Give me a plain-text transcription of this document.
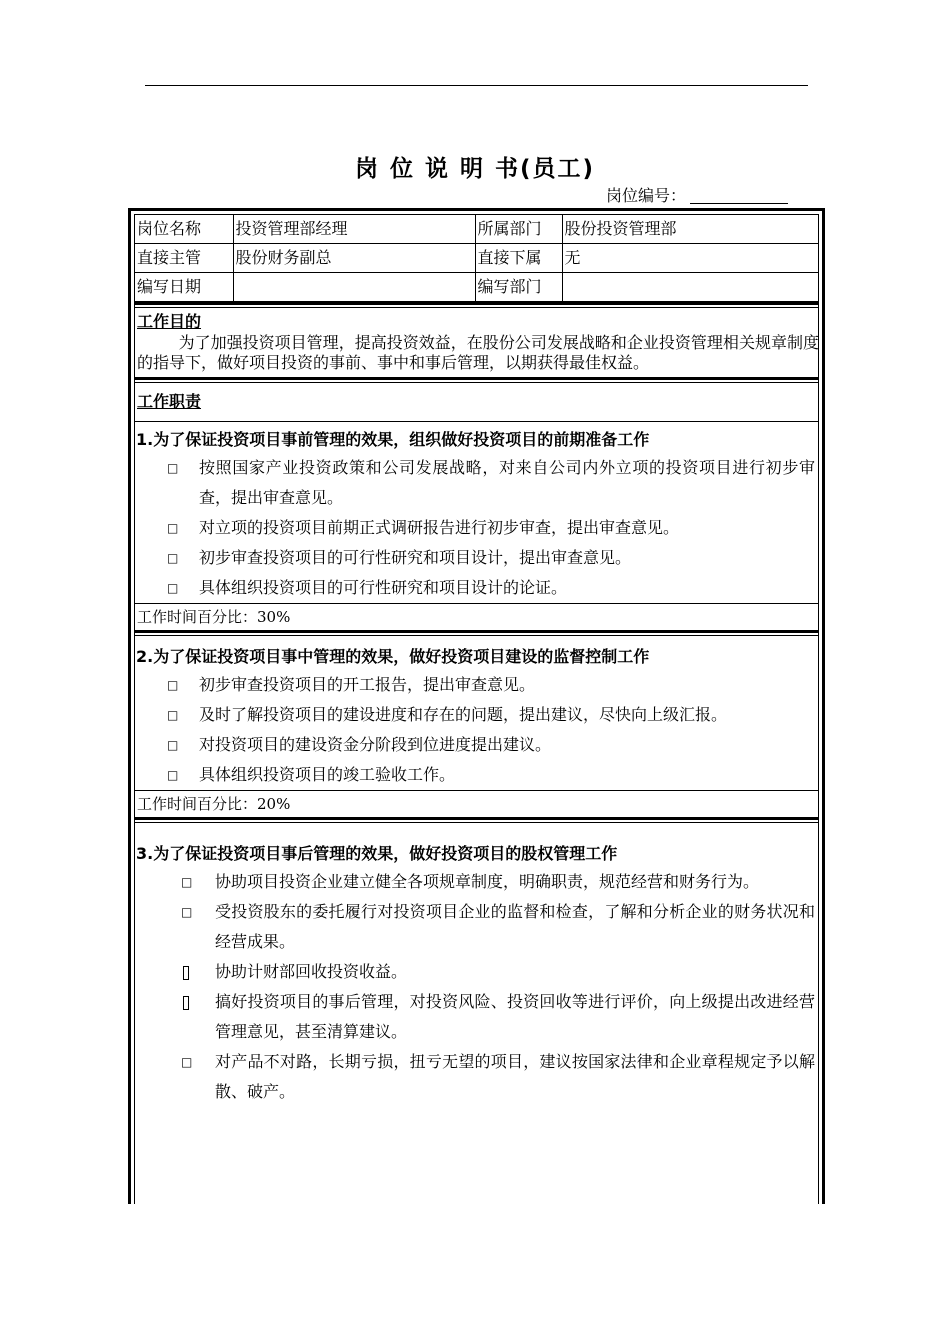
岗 位 说 明 书(员工)
岗位编号：
岗位名称	投资管理部经理	所属部门	股份投资管理部
直接主管	股份财务副总	直接下属	无
编写日期		编写部门	
工作目的

为了加强投资项目管理，提高投资效益，在股份公司发展战略和企业投资管理相关规章制度的指导下，做好项目投资的事前、事中和事后管理，以期获得最佳权益。

工作职责
1.为了保证投资项目事前管理的效果，组织做好投资项目的前期准备工作
□ 按照国家产业投资政策和公司发展战略，对来自公司内外立项的投资项目进行初步审查，提出审查意见。
□ 对立项的投资项目前期正式调研报告进行初步审查，提出审查意见。
□ 初步审查投资项目的可行性研究和项目设计，提出审查意见。
□ 具体组织投资项目的可行性研究和项目设计的论证。
工作时间百分比：30%
2.为了保证投资项目事中管理的效果，做好投资项目建设的监督控制工作
□ 初步审查投资项目的开工报告，提出审查意见。
□ 及时了解投资项目的建设进度和存在的问题，提出建议，尽快向上级汇报。
□ 对投资项目的建设资金分阶段到位进度提出建议。
□ 具体组织投资项目的竣工验收工作。
工作时间百分比：20%
3.为了保证投资项目事后管理的效果，做好投资项目的股权管理工作
□ 协助项目投资企业建立健全各项规章制度，明确职责，规范经营和财务行为。
□ 受投资股东的委托履行对投资项目企业的监督和检查，了解和分析企业的财务状况和经营成果。
协助计财部回收投资收益。
搞好投资项目的事后管理，对投资风险、投资回收等进行评价，向上级提出改进经营管理意见，甚至清算建议。
□ 对产品不对路，长期亏损，扭亏无望的项目，建议按国家法律和企业章程规定予以解散、破产。
